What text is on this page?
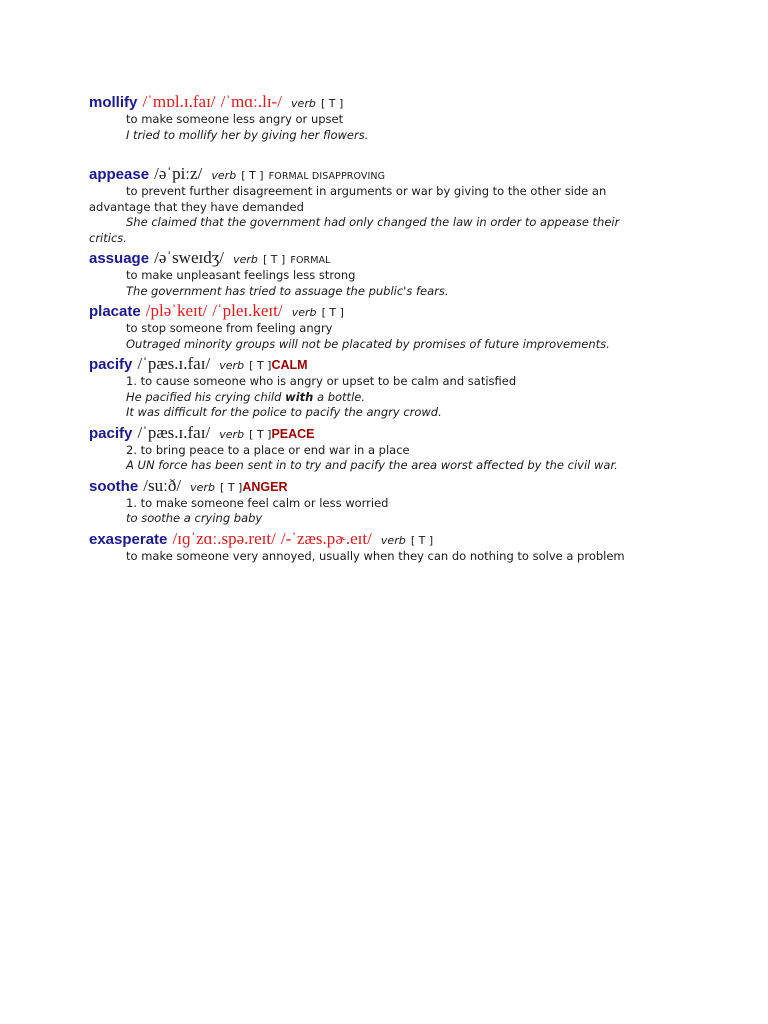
mollify /ˈmɒl.ɪ.faɪ/ /ˈmɑː.lɪ-/ verb [ T ]

to make someone less angry or upset

I tried to mollify her by giving her flowers.

appease /əˈpiːz/ verb [ T ] FORMAL DISAPPROVING

to prevent further disagreement in arguments or war by giving to the other side an

advantage that they have demanded

She claimed that the government had only changed the law in order to appease their

critics.

assuage /əˈsweɪdʒ/ verb [ T ] FORMAL

to make unpleasant feelings less strong

The government has tried to assuage the public's fears.

placate /pləˈkeɪt/ /ˈpleɪ.keɪt/ verb [ T ]

to stop someone from feeling angry

Outraged minority groups will not be placated by promises of future improvements.

pacify /ˈpæs.ɪ.faɪ/ verb [ T ]CALM

1. to cause someone who is angry or upset to be calm and satisfied

He pacified his crying child with a bottle.

It was difficult for the police to pacify the angry crowd.

pacify /ˈpæs.ɪ.faɪ/ verb [ T ]PEACE

2. to bring peace to a place or end war in a place

A UN force has been sent in to try and pacify the area worst affected by the civil war.

soothe /suːð/ verb [ T ]ANGER

1. to make someone feel calm or less worried

to soothe a crying baby

exasperate /ɪɡˈzɑː.spə.reɪt/ /-ˈzæs.pɚ.eɪt/ verb [ T ]

to make someone very annoyed, usually when they can do nothing to solve a problem
